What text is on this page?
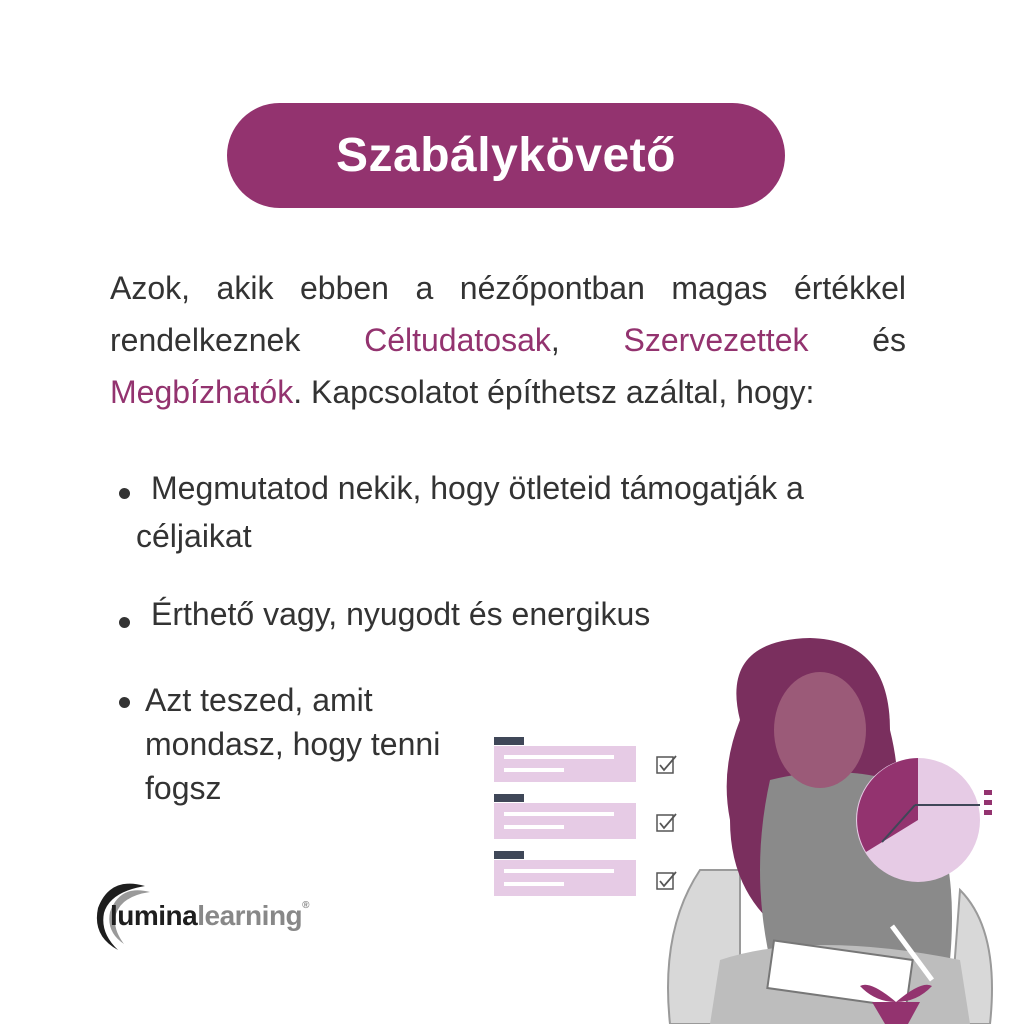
Szabálykövető
Azok, akik ebben a nézőpontban magas értékkel rendelkeznek Céltudatosak, Szervezettek és Megbízhatók. Kapcsolatot építhetsz azáltal, hogy:
Megmutatod nekik, hogy ötleteid támogatják a
céljaikat
Érthető vagy, nyugodt és energikus
Azt teszed, amit
mondasz, hogy tenni
fogsz
luminalearning®
